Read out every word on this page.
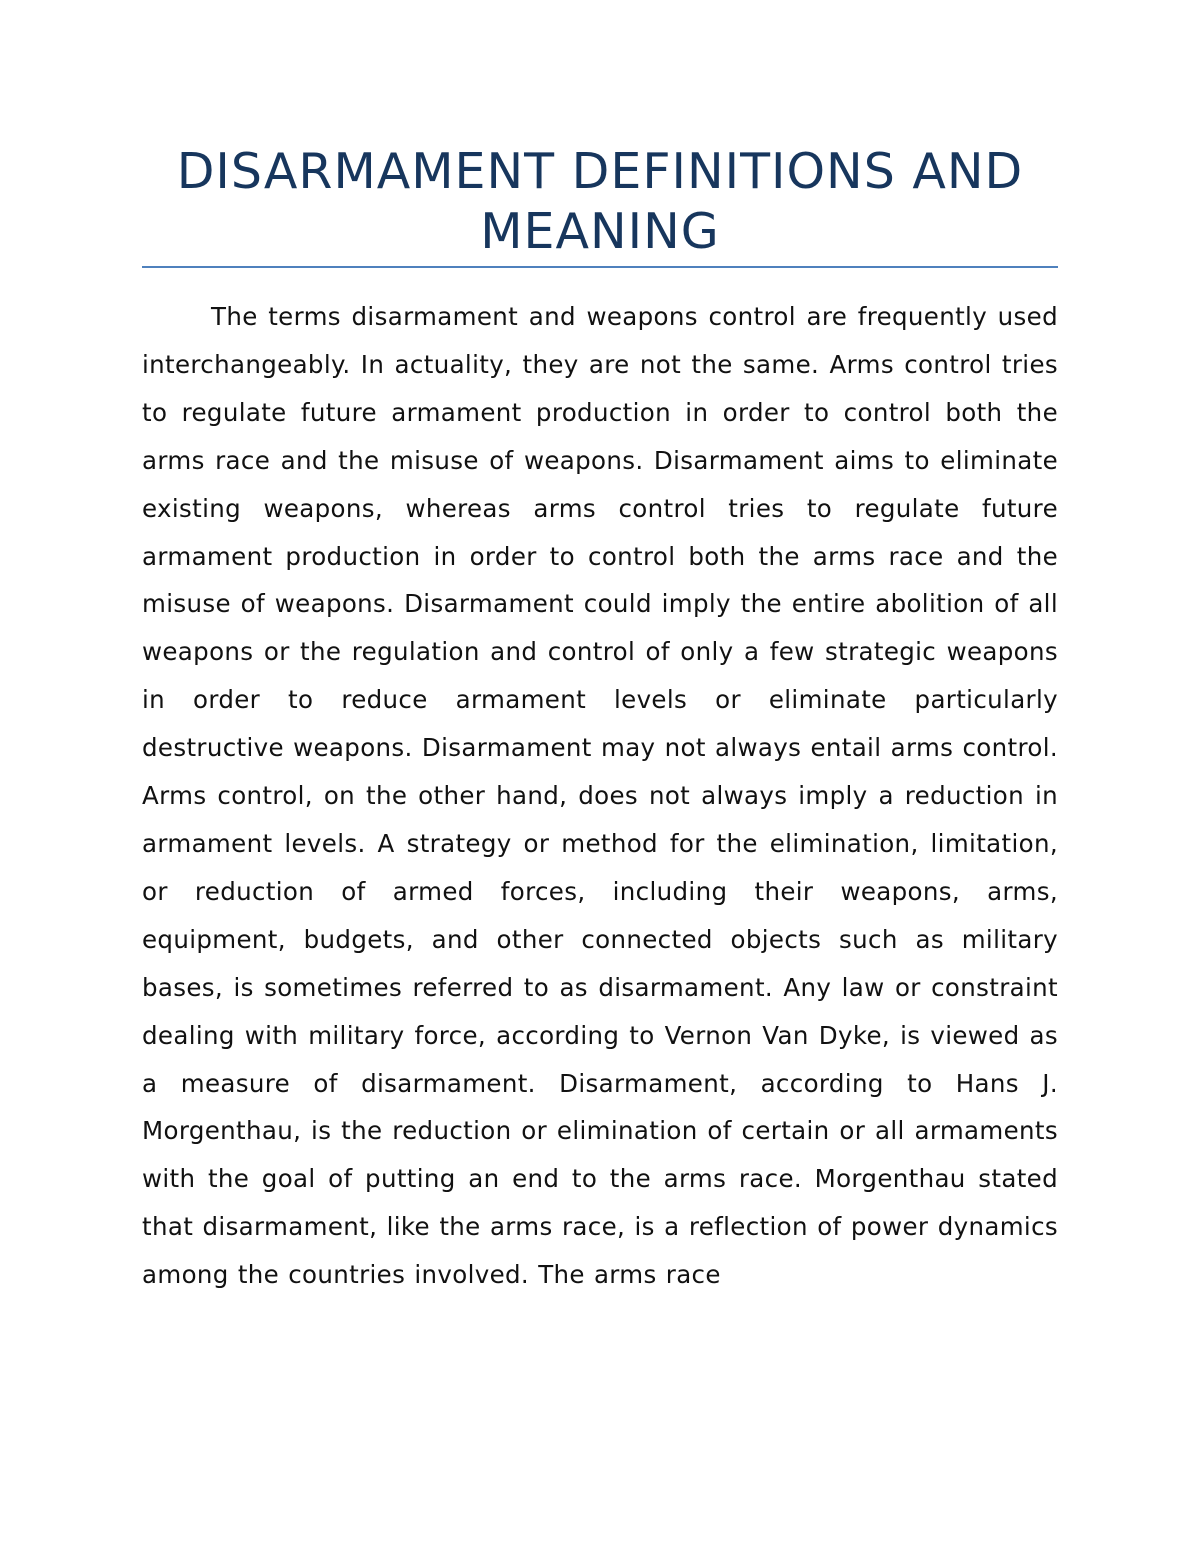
DISARMAMENT DEFINITIONS AND MEANING

The terms disarmament and weapons control are frequently used interchangeably. In actuality, they are not the same. Arms control tries to regulate future armament production in order to control both the arms race and the misuse of weapons. Disarmament aims to eliminate existing weapons, whereas arms control tries to regulate future armament production in order to control both the arms race and the misuse of weapons. Disarmament could imply the entire abolition of all weapons or the regulation and control of only a few strategic weapons in order to reduce armament levels or eliminate particularly destructive weapons. Disarmament may not always entail arms control. Arms control, on the other hand, does not always imply a reduction in armament levels. A strategy or method for the elimination, limitation, or reduction of armed forces, including their weapons, arms, equipment, budgets, and other connected objects such as military bases, is sometimes referred to as disarmament. Any law or constraint dealing with military force, according to Vernon Van Dyke, is viewed as a measure of disarmament. Disarmament, according to Hans J. Morgenthau, is the reduction or elimination of certain or all armaments with the goal of putting an end to the arms race. Morgenthau stated that disarmament, like the arms race, is a reflection of power dynamics among the countries involved. The arms race
